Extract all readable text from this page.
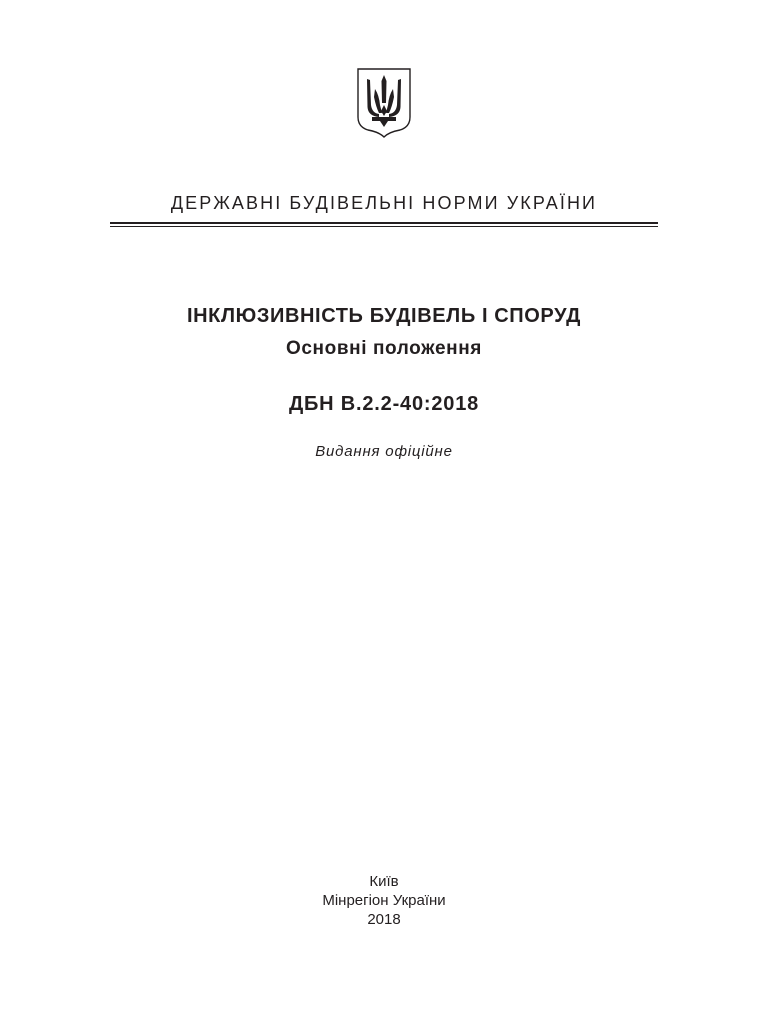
ДЕРЖАВНІ БУДІВЕЛЬНІ НОРМИ УКРАЇНИ
ІНКЛЮЗИВНІСТЬ БУДІВЕЛЬ І СПОРУД
Основні положення
ДБН В.2.2-40:2018
Видання офіційне
Київ
Мінрегіон України
2018
